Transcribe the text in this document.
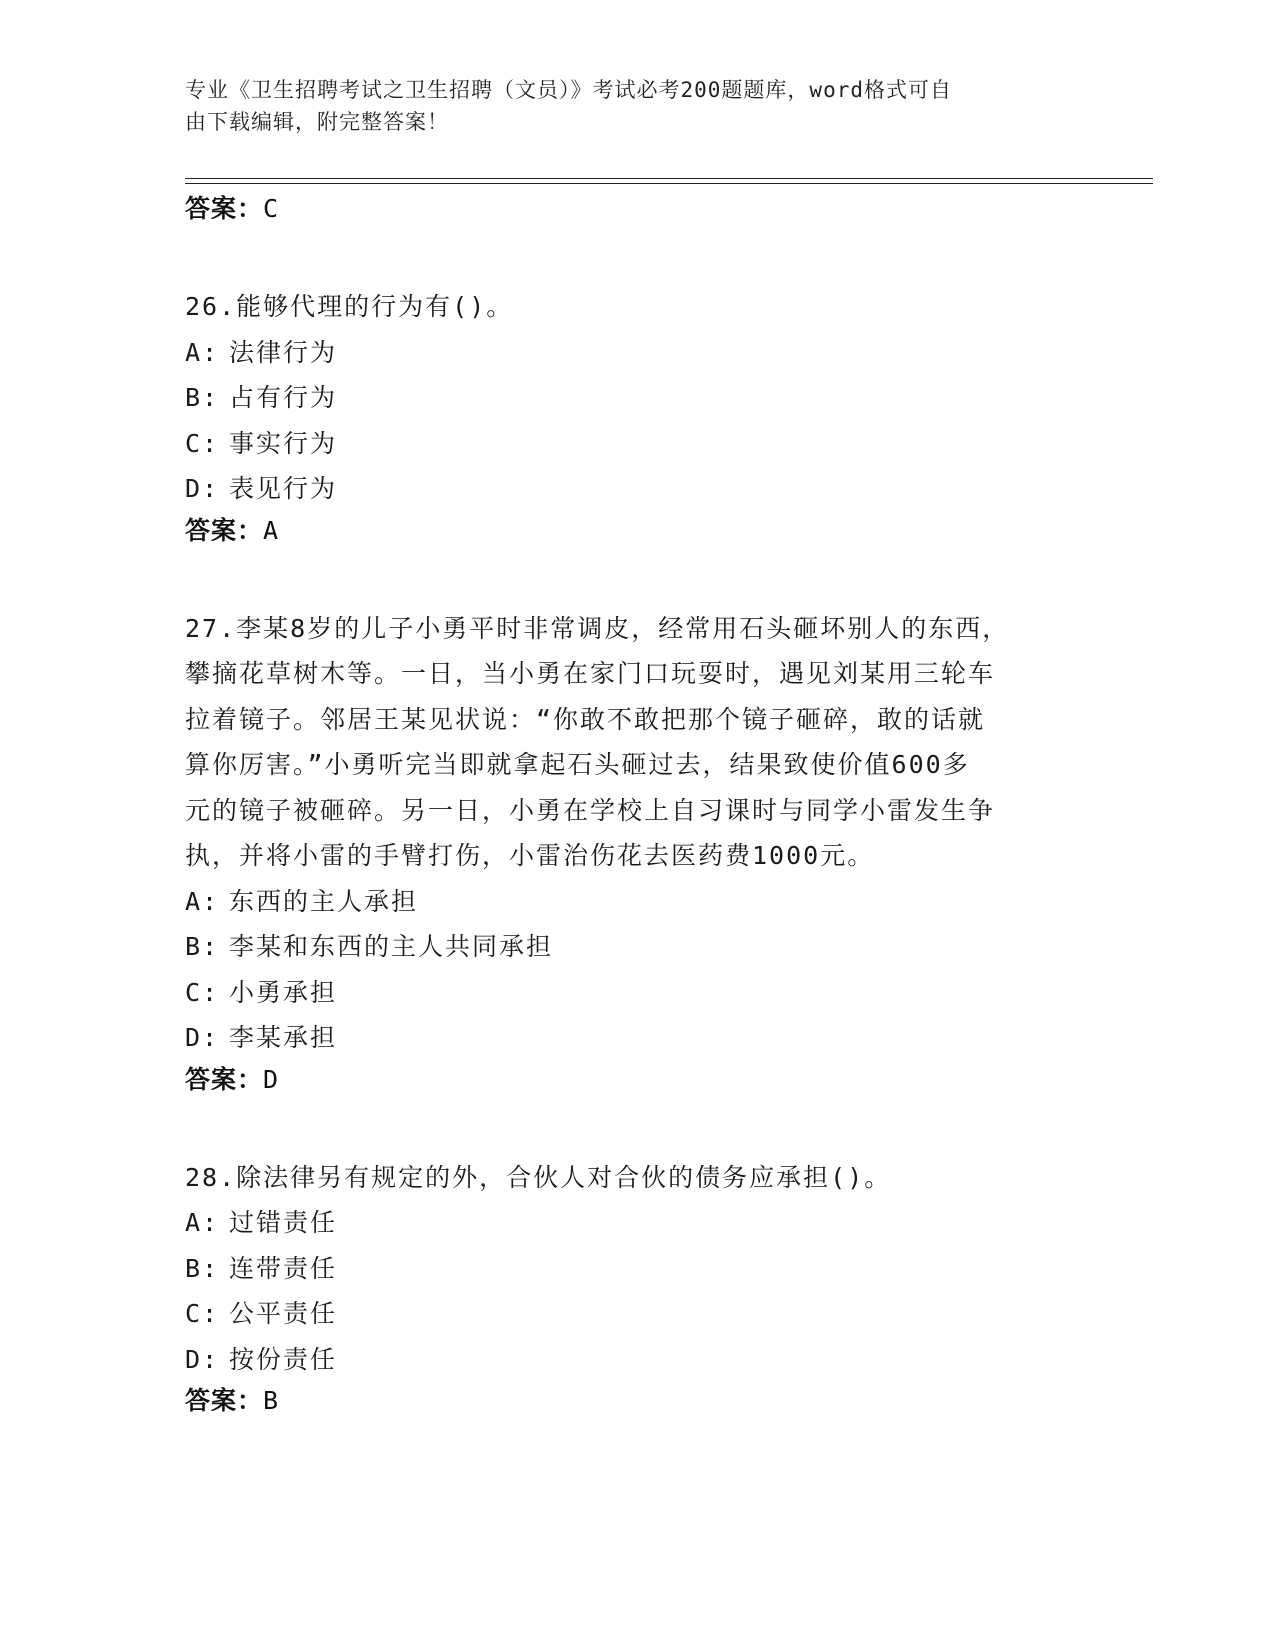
专业《卫生招聘考试之卫生招聘（文员）》考试必考200题题库，word格式可自
由下载编辑，附完整答案！
答案：C
26.能够代理的行为有()。
A: 法律行为
B: 占有行为
C: 事实行为
D: 表见行为
答案：A
27.李某8岁的儿子小勇平时非常调皮，经常用石头砸坏别人的东西，
攀摘花草树木等。一日，当小勇在家门口玩耍时，遇见刘某用三轮车
拉着镜子。邻居王某见状说：“你敢不敢把那个镜子砸碎，敢的话就
算你厉害。”小勇听完当即就拿起石头砸过去，结果致使价值600多
元的镜子被砸碎。另一日，小勇在学校上自习课时与同学小雷发生争
执，并将小雷的手臂打伤，小雷治伤花去医药费1000元。
A: 东西的主人承担
B: 李某和东西的主人共同承担
C: 小勇承担
D: 李某承担
答案：D
28.除法律另有规定的外，合伙人对合伙的债务应承担()。
A: 过错责任
B: 连带责任
C: 公平责任
D: 按份责任
答案：B
